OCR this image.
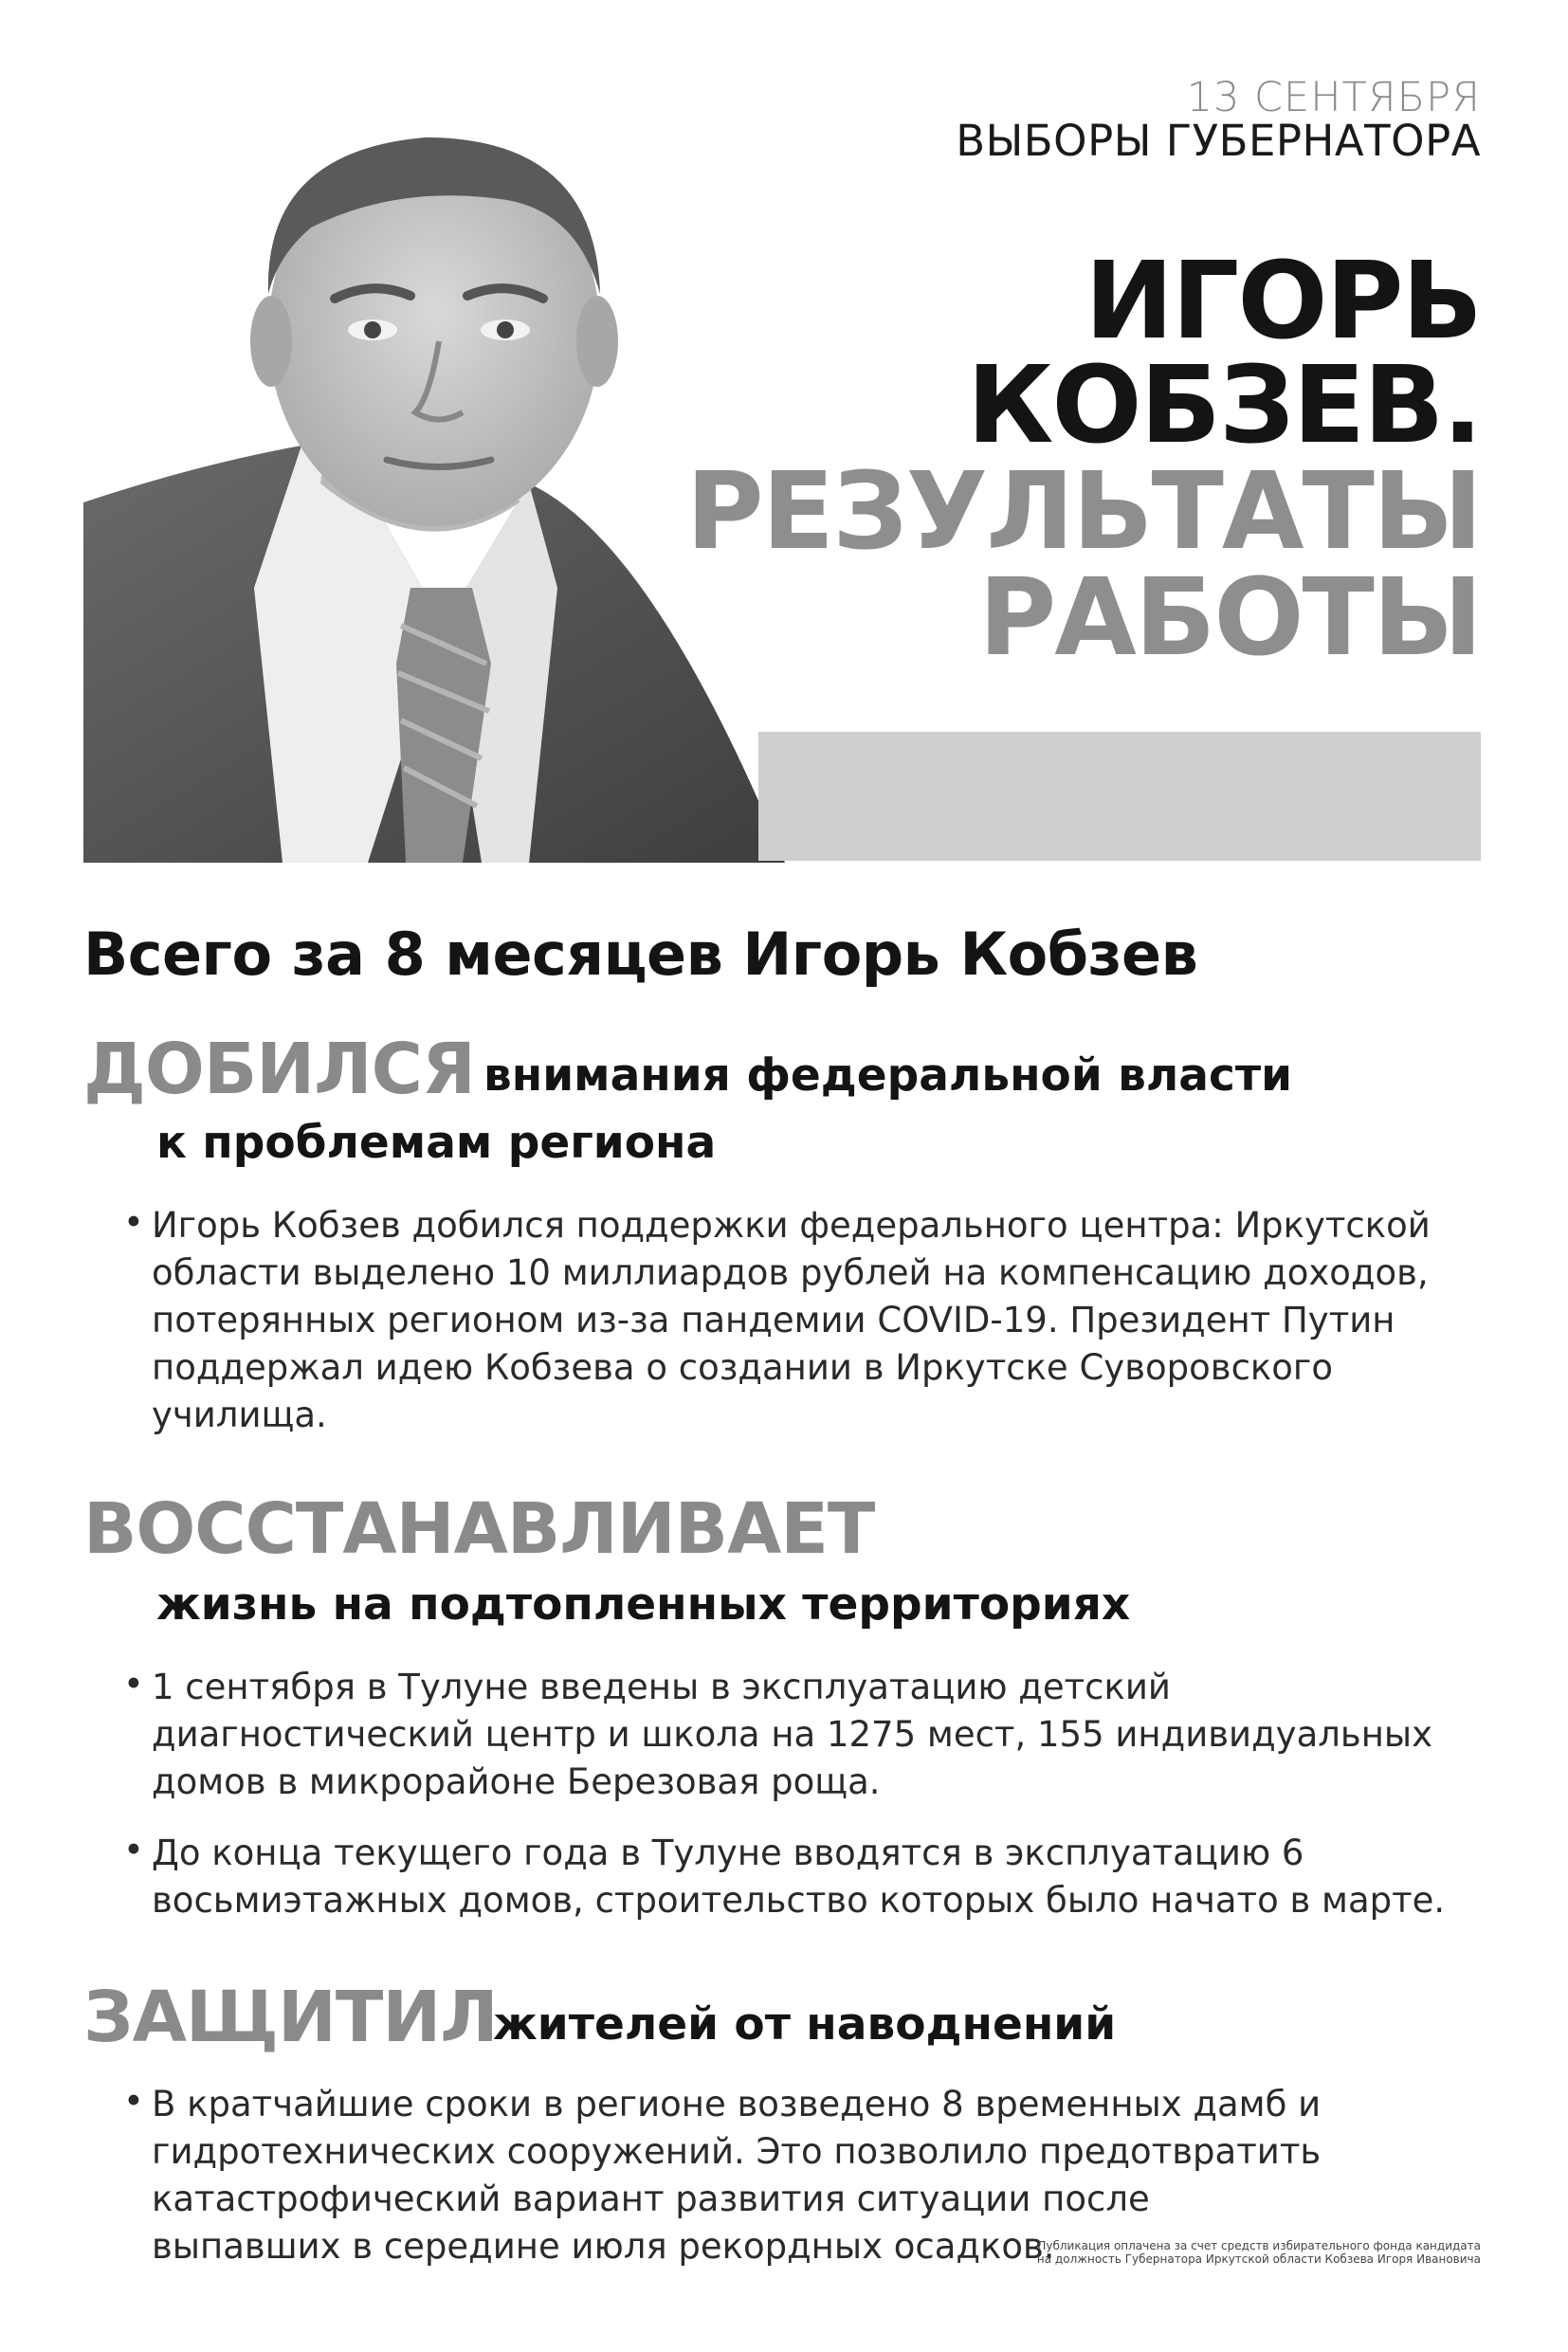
13 СЕНТЯБРЯ
ВЫБОРЫ ГУБЕРНАТОРА
ИГОРЬ
КОБЗЕВ.
РЕЗУЛЬТАТЫ
РАБОТЫ
Всего за 8 месяцев Игорь Кобзев
ДОБИЛСЯ внимания федеральной власти
к проблемам региона
• Игорь Кобзев добился поддержки федерального центра: Иркутской области выделено 10 миллиардов рублей на компенсацию доходов, потерянных регионом из-за пандемии COVID-19. Президент Путин поддержал идею Кобзева о создании в Иркутске Суворовского училища.
ВОССТАНАВЛИВАЕТ
жизнь на подтопленных территориях
• 1 сентября в Тулуне введены в эксплуатацию детский диагностический центр и школа на 1275 мест, 155 индивидуальных домов в микрорайоне Березовая роща.
• До конца текущего года в Тулуне вводятся в эксплуатацию 6 восьмиэтажных домов, строительство которых было начато в марте.
ЗАЩИТИЛ
жителей от наводнений
• В кратчайшие сроки в регионе возведено 8 временных дамб и гидротехнических сооружений. Это позволило предотвратить катастрофический вариант развития ситуации после выпавших в середине июля рекордных осадков.
Публикация оплачена за счет средств избирательного фонда кандидата на должность Губернатора Иркутской области Кобзева Игоря Ивановича
